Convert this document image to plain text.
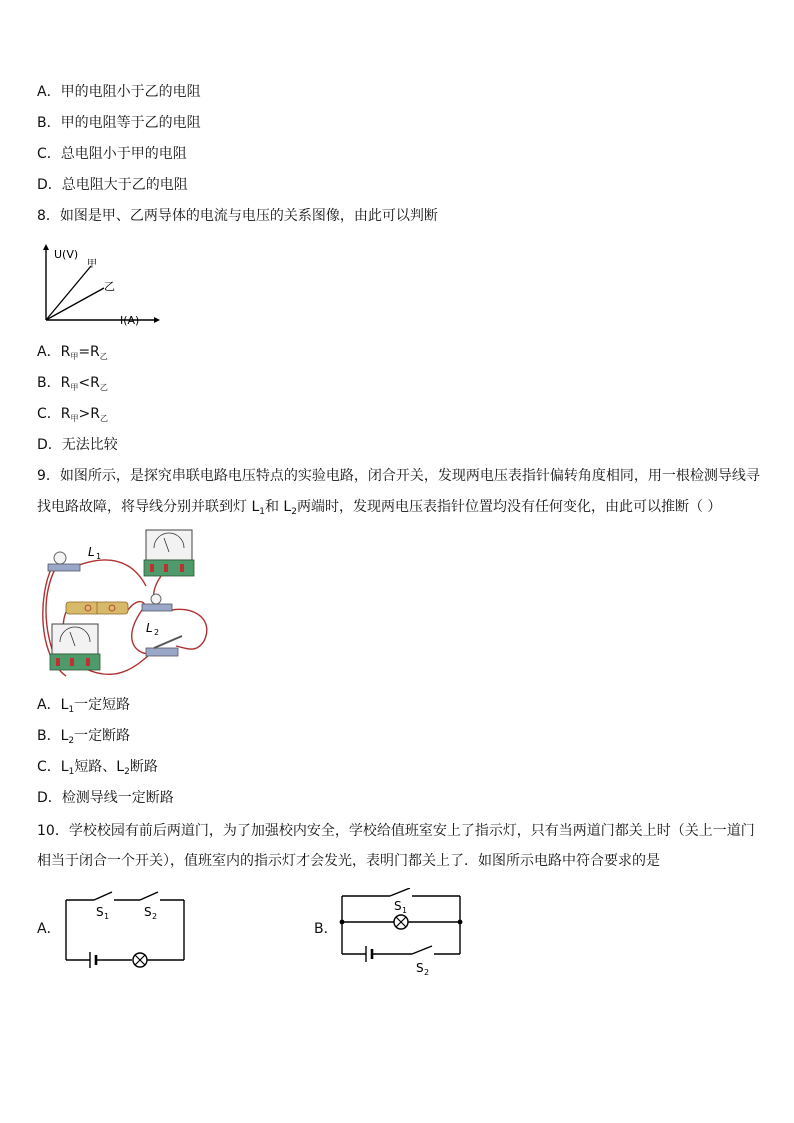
A．甲的电阻小于乙的电阻
B．甲的电阻等于乙的电阻
C．总电阻小于甲的电阻
D．总电阻大于乙的电阻
8．如图是甲、乙两导体的电流与电压的关系图像，由此可以判断
U(V)
I(A)
甲
乙
A．$R_甲=R_乙$
B．$R_甲<R_乙$
C．$R_甲>R_乙$
D．无法比较
9．如图所示，是探究串联电路电压特点的实验电路，闭合开关，发现两电压表指针偏转角度相同，用一根检测导线寻
找电路故障，将导线分别并联到灯 $L_1$和 $L_2$两端时，发现两电压表指针位置均没有任何变化，由此可以推断（ ）
L 1
L 2
A．$L_1$一定短路
B．$L_2$一定断路
C．$L_1$短路、$L_2$断路
D．检测导线一定断路
10．学校校园有前后两道门，为了加强校内安全，学校给值班室安上了指示灯，只有当两道门都关上时（关上一道门
相当于闭合一个开关），值班室内的指示灯才会发光，表明门都关上了．如图所示电路中符合要求的是
A．
S 1	S 2
B．
S 1
S 2
